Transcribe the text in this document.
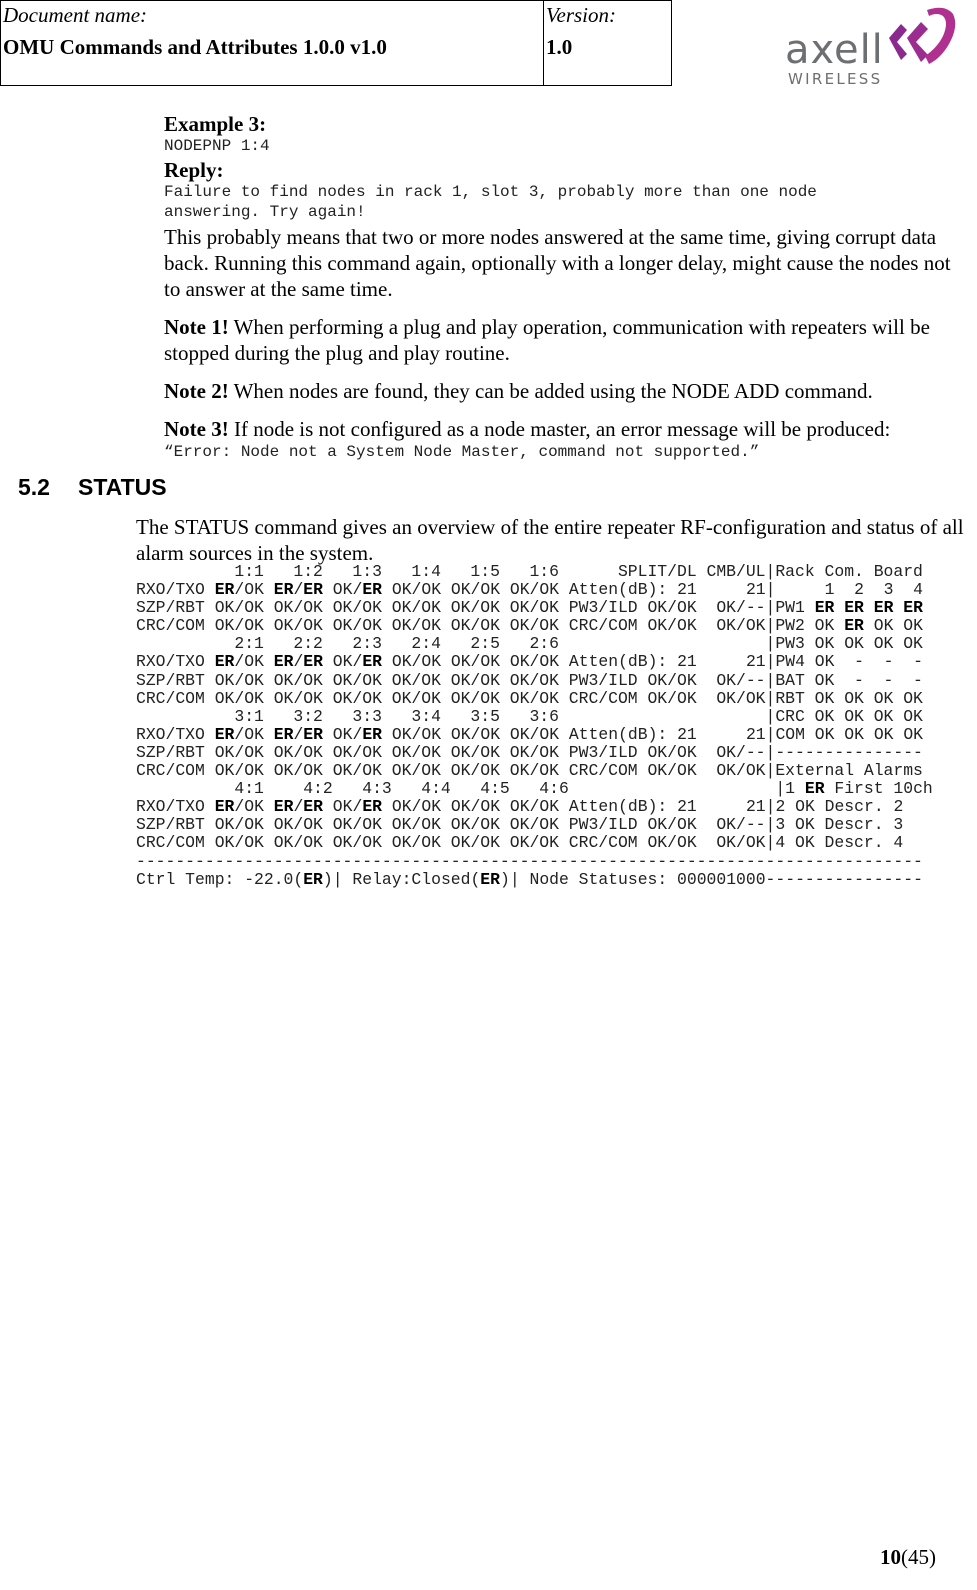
Document name:
OMU Commands and Attributes 1.0.0 v1.0
Version:
1.0	axell
WIRELESS
Example 3:
NODEPNP 1:4
Reply:
Failure to find nodes in rack 1, slot 3, probably more than one node
answering. Try again!

This probably means that two or more nodes answered at the same time, giving corrupt data back. Running this command again, optionally with a longer delay, might cause the nodes not to answer at the same time.

Note 1! When performing a plug and play operation, communication with repeaters will be stopped during the plug and play routine.

Note 2! When nodes are found, they can be added using the NODE ADD command.

Note 3! If node is not configured as a node master, an error message will be produced:

“Error: Node not a System Node Master, command not supported.”
5.2	STATUS

The STATUS command gives an overview of the entire repeater RF-configuration and status of all alarm sources in the system.

1:1   1:2   1:3   1:4   1:5   1:6      SPLIT/DL CMB/UL|Rack Com. Board
RXO/TXO ER/OK ER/ER OK/ER OK/OK OK/OK OK/OK Atten(dB): 21     21|     1  2  3  4
SZP/RBT OK/OK OK/OK OK/OK OK/OK OK/OK OK/OK PW3/ILD OK/OK  OK/--|PW1 ER ER ER ER
CRC/COM OK/OK OK/OK OK/OK OK/OK OK/OK OK/OK CRC/COM OK/OK  OK/OK|PW2 OK ER OK OK
2:1   2:2   2:3   2:4   2:5   2:6                     |PW3 OK OK OK OK
RXO/TXO ER/OK ER/ER OK/ER OK/OK OK/OK OK/OK Atten(dB): 21     21|PW4 OK  -  -  -
SZP/RBT OK/OK OK/OK OK/OK OK/OK OK/OK OK/OK PW3/ILD OK/OK  OK/--|BAT OK  -  -  -
CRC/COM OK/OK OK/OK OK/OK OK/OK OK/OK OK/OK CRC/COM OK/OK  OK/OK|RBT OK OK OK OK
3:1   3:2   3:3   3:4   3:5   3:6                     |CRC OK OK OK OK
RXO/TXO ER/OK ER/ER OK/ER OK/OK OK/OK OK/OK Atten(dB): 21     21|COM OK OK OK OK
SZP/RBT OK/OK OK/OK OK/OK OK/OK OK/OK OK/OK PW3/ILD OK/OK  OK/--|---------------
CRC/COM OK/OK OK/OK OK/OK OK/OK OK/OK OK/OK CRC/COM OK/OK  OK/OK|External Alarms
4:1    4:2   4:3   4:4   4:5   4:6                     |1 ER First 10ch
RXO/TXO ER/OK ER/ER OK/ER OK/OK OK/OK OK/OK Atten(dB): 21     21|2 OK Descr. 2
SZP/RBT OK/OK OK/OK OK/OK OK/OK OK/OK OK/OK PW3/ILD OK/OK  OK/--|3 OK Descr. 3
CRC/COM OK/OK OK/OK OK/OK OK/OK OK/OK OK/OK CRC/COM OK/OK  OK/OK|4 OK Descr. 4
--------------------------------------------------------------------------------
Ctrl Temp: -22.0(ER)| Relay:Closed(ER)| Node Statuses: 000001000----------------
10(45)
